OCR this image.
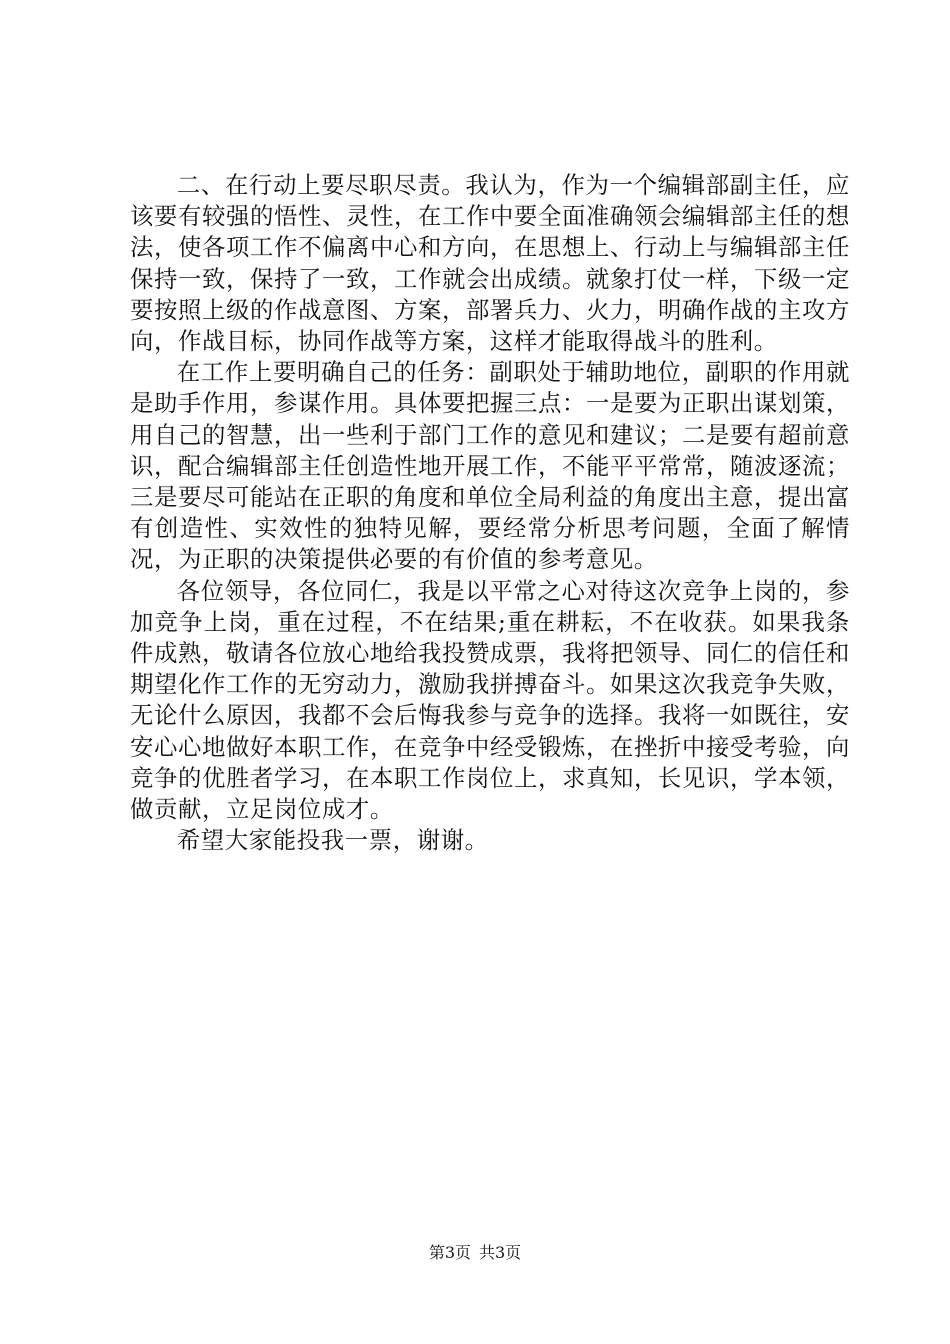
二、在行动上要尽职尽责。我认为，作为一个编辑部副主任，应该要有较强的悟性、灵性，在工作中要全面准确领会编辑部主任的想法，使各项工作不偏离中心和方向，在思想上、行动上与编辑部主任保持一致，保持了一致，工作就会出成绩。就象打仗一样，下级一定要按照上级的作战意图、方案，部署兵力、火力，明确作战的主攻方向，作战目标，协同作战等方案，这样才能取得战斗的胜利。

在工作上要明确自己的任务：副职处于辅助地位，副职的作用就是助手作用，参谋作用。具体要把握三点：一是要为正职出谋划策，用自己的智慧，出一些利于部门工作的意见和建议；二是要有超前意识，配合编辑部主任创造性地开展工作，不能平平常常，随波逐流；三是要尽可能站在正职的角度和单位全局利益的角度出主意，提出富有创造性、实效性的独特见解，要经常分析思考问题，全面了解情况，为正职的决策提供必要的有价值的参考意见。

各位领导，各位同仁，我是以平常之心对待这次竞争上岗的，参加竞争上岗，重在过程，不在结果;重在耕耘，不在收获。如果我条件成熟，敬请各位放心地给我投赞成票，我将把领导、同仁的信任和期望化作工作的无穷动力，激励我拼搏奋斗。如果这次我竞争失败，无论什么原因，我都不会后悔我参与竞争的选择。我将一如既往，安安心心地做好本职工作，在竞争中经受锻炼，在挫折中接受考验，向竞争的优胜者学习，在本职工作岗位上，求真知，长见识，学本领，做贡献，立足岗位成才。

希望大家能投我一票，谢谢。

第3页 共3页
